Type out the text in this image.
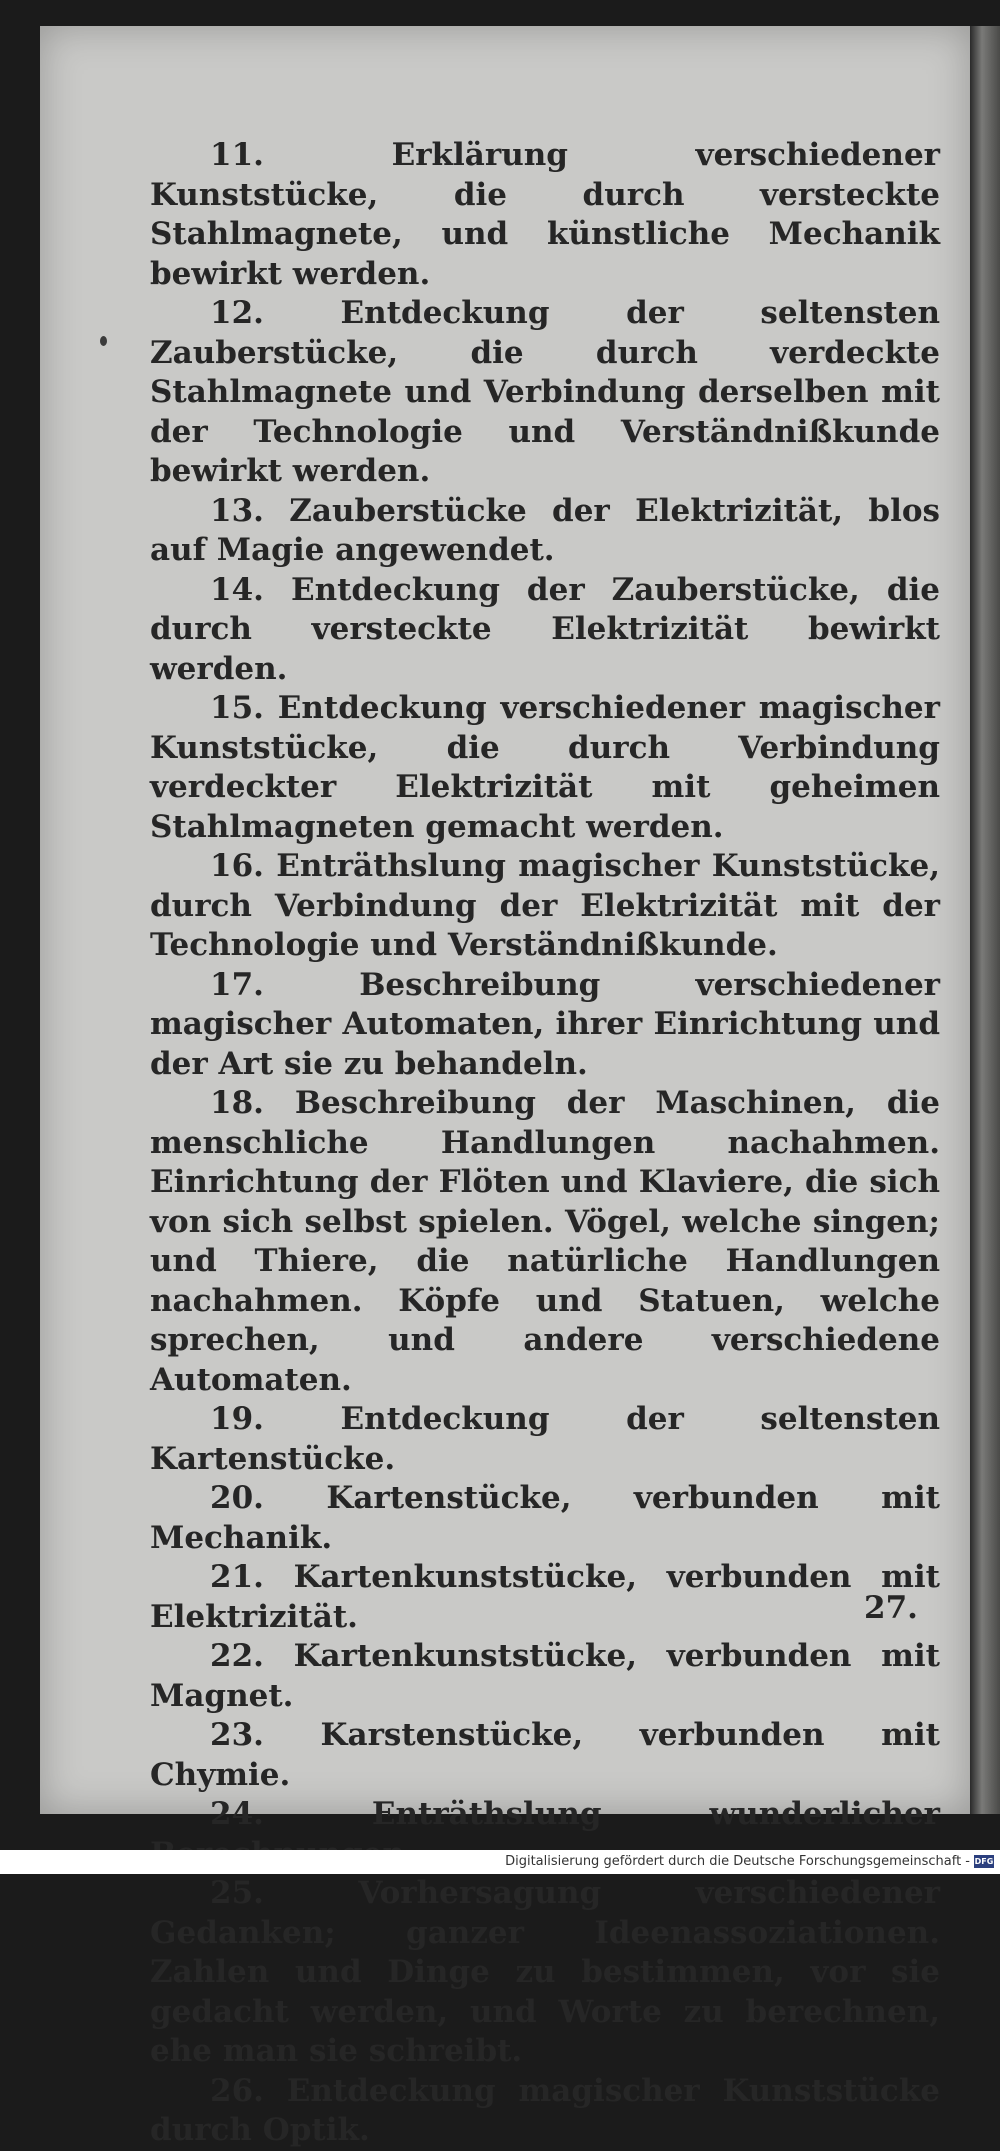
11.	Erklärung verschiedener Kunststücke, die durch versteckte Stahlmagnete, und künstliche Mechanik bewirkt werden.

12. Entdeckung der seltensten Zauberstücke, die durch verdeckte Stahlmagnete und Verbindung derselben mit der Technologie und Verständnißkunde bewirkt werden.

13. Zauberstücke der Elektrizität, blos auf Magie angewendet.

14. Entdeckung der Zauberstücke, die durch versteckte Elektrizität bewirkt werden.

15. Entdeckung verschiedener magischer Kunststücke, die durch Verbindung verdeckter Elektrizität mit geheimen Stahlmagneten gemacht werden.

16. Enträthslung magischer Kunststücke, durch Verbindung der Elektrizität mit der Technologie und Verständnißkunde.

17.	Beschreibung verschiedener magischer Automaten, ihrer Einrichtung und der Art sie zu behandeln.

18. Beschreibung der Maschinen, die menschliche Handlungen nachahmen. Einrichtung der Flöten und Klaviere, die sich von sich selbst spielen. Vögel, welche singen; und Thiere, die natürliche Handlungen nachahmen. Köpfe und Statuen, welche sprechen, und andere verschiedene Automaten.

19. Entdeckung der seltensten Kartenstücke.

20. Kartenstücke, verbunden mit Mechanik.

21. Kartenkunststücke, verbunden mit Elektrizität.

22. Kartenkunststücke, verbunden mit Magnet.

23. Karstenstücke, verbunden mit Chymie.

24.	Enträthslung wunderlicher

25.	Vorhersagung verschiedener Gedanken; ganzer Ideenassoziationen. Zahlen und Dinge zu bestimmen, vor sie gedacht werden, und Worte zu berechnen, ehe man sie schreibt.

26. Entdeckung magischer Kunststücke durch Optik.

27.
Digitalisierung gefördert durch die Deutsche Forschungsgemeinschaft - DFG
